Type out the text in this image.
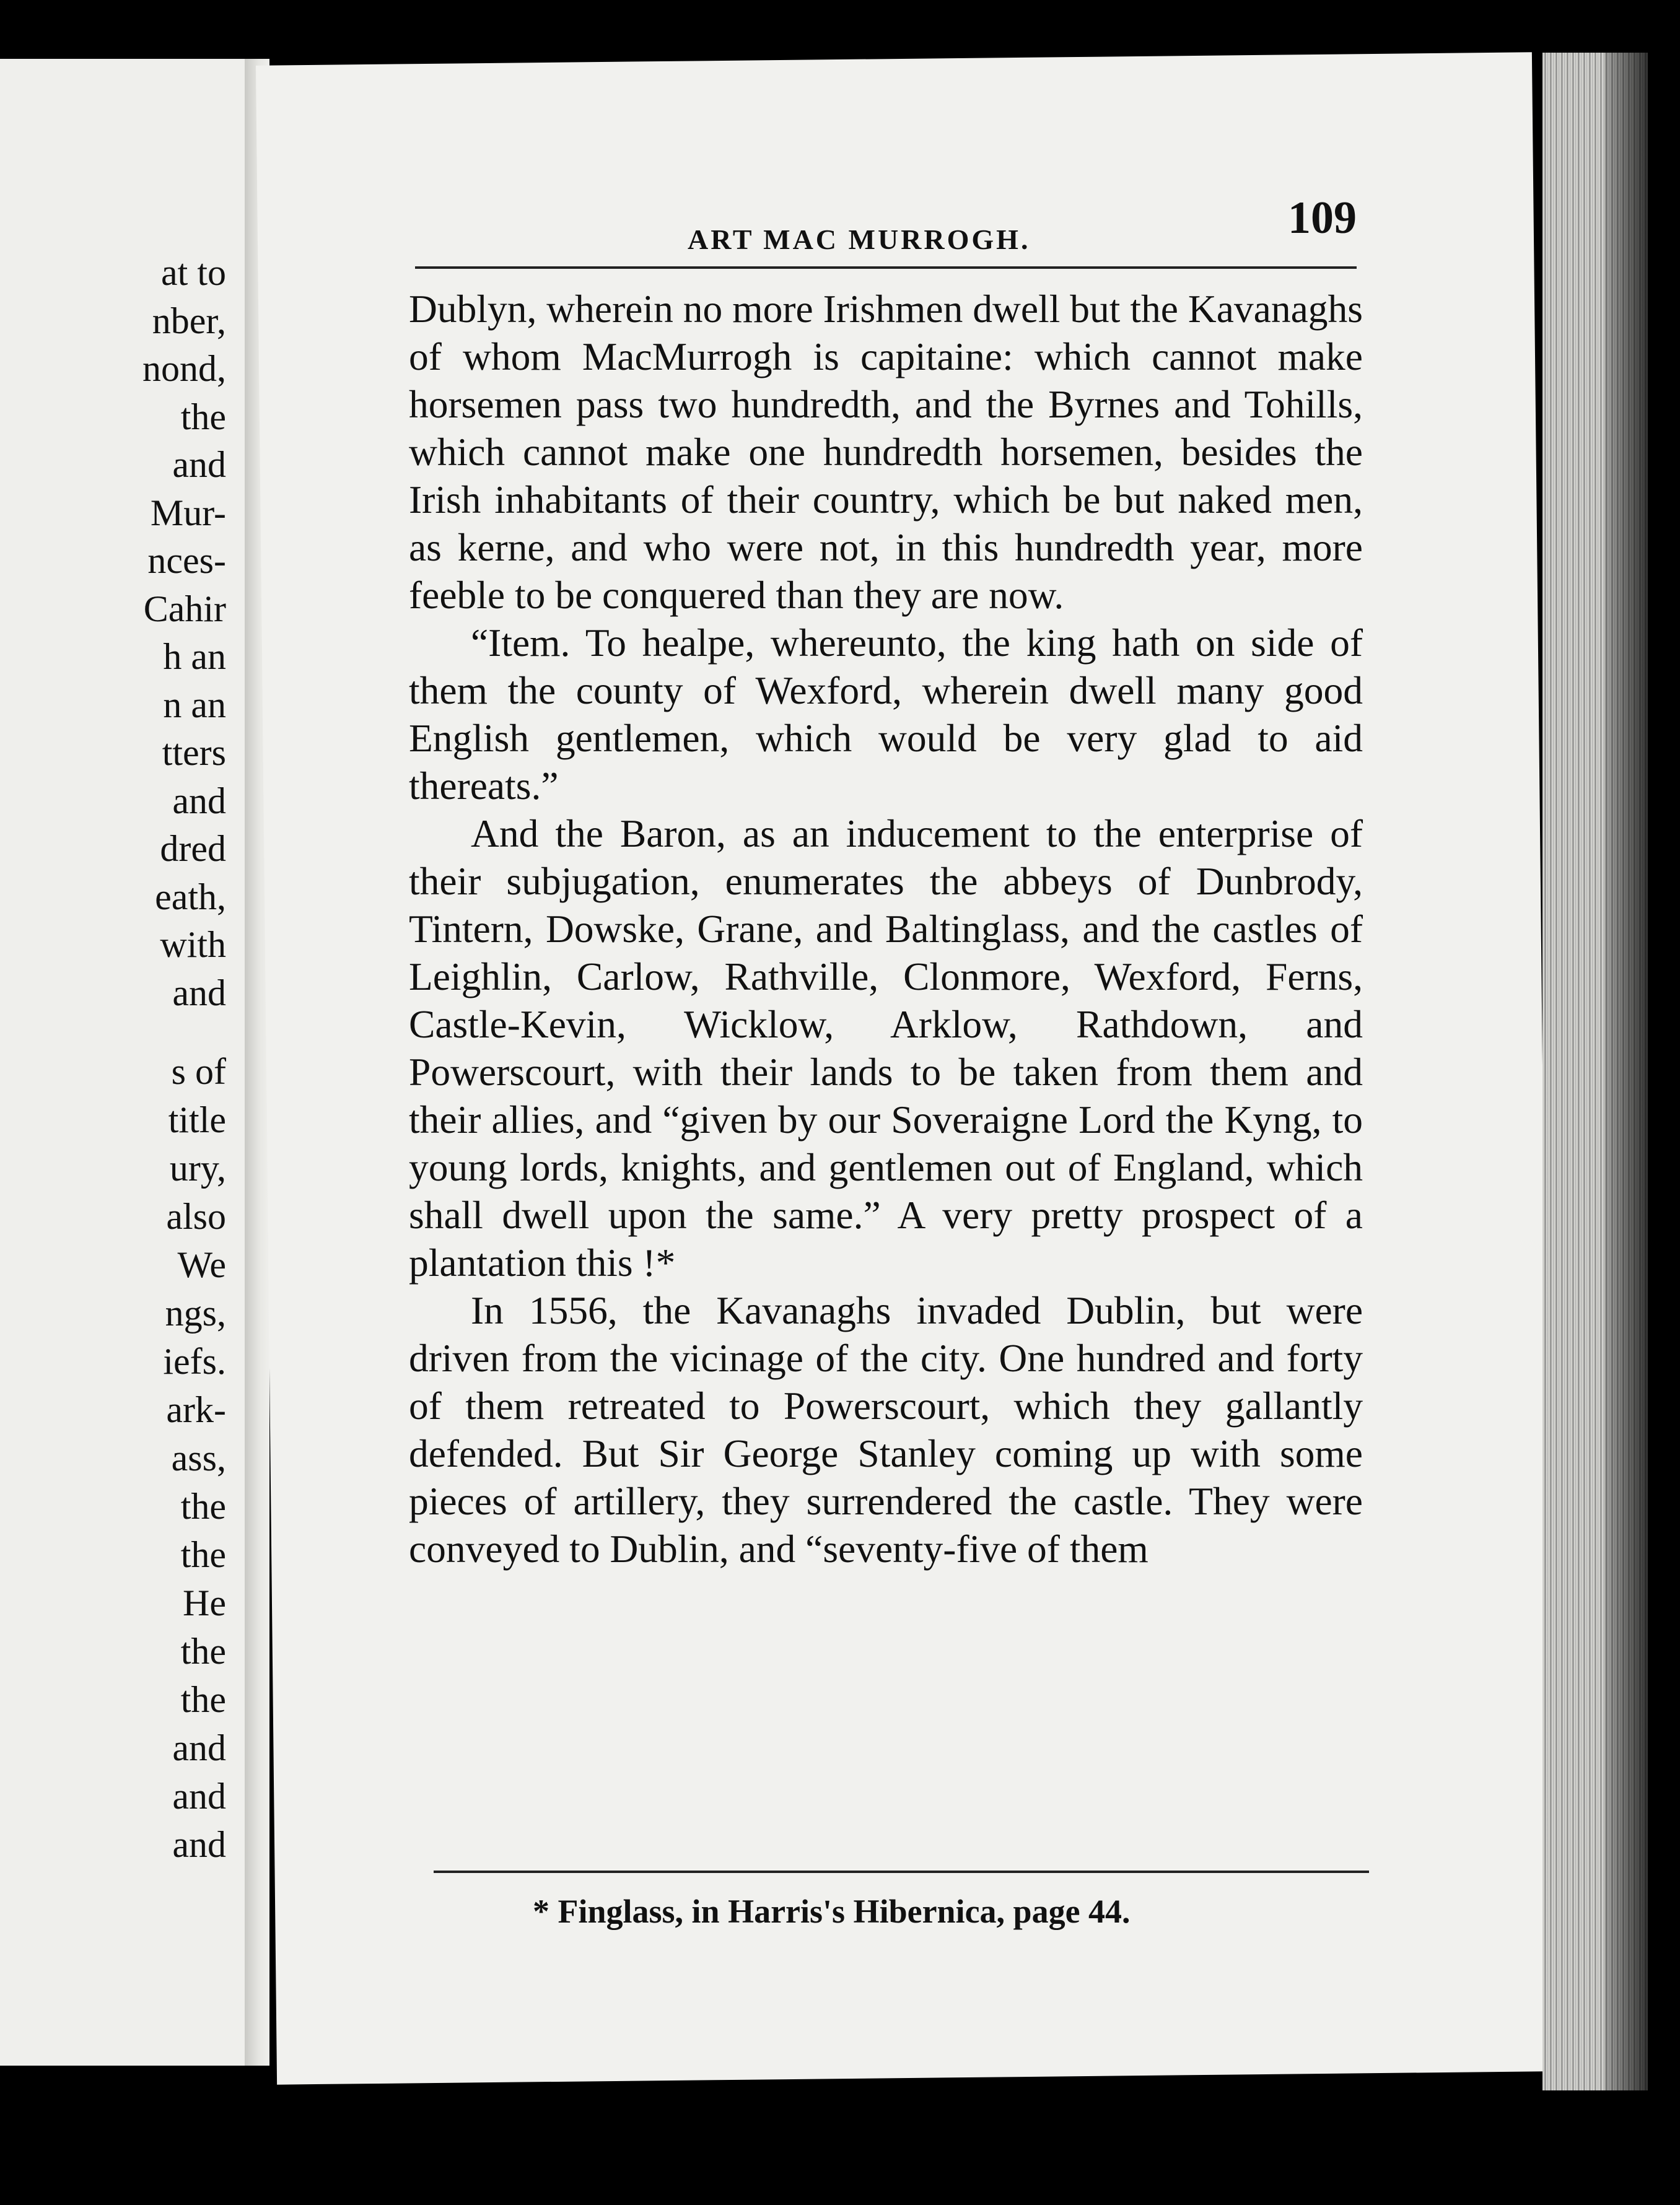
at to
nber,
nond,
the
and
Mur-
nces-
Cahir
h an
n an
tters
and
dred
eath,
with
and
s of
title
ury,
also
We
ngs,
iefs.
ark-
ass,
the
the
He
the
the
and
and
and
ART MAC MURROGH.	109

Dublyn, wherein no more Irishmen dwell but the Kavanaghs of whom MacMurrogh is capitaine: which cannot make horsemen pass two hundredth, and the Byrnes and Tohills, which cannot make one hundredth horsemen, besides the Irish inhabitants of their country, which be but naked men, as kerne, and who were not, in this hundredth year, more feeble to be conquered than they are now.

“Item. To healpe, whereunto, the king hath on side of them the county of Wexford, wherein dwell many good English gentlemen, which would be very glad to aid thereats.”

And the Baron, as an inducement to the enterprise of their subjugation, enumerates the abbeys of Dunbrody, Tintern, Dowske, Grane, and Baltinglass, and the castles of Leighlin, Carlow, Rathville, Clonmore, Wexford, Ferns, Castle-Kevin, Wicklow, Arklow, Rathdown, and Powerscourt, with their lands to be taken from them and their allies, and “given by our Soveraigne Lord the Kyng, to young lords, knights, and gentlemen out of England, which shall dwell upon the same.” A very pretty prospect of a plantation this !*

In 1556, the Kavanaghs invaded Dublin, but were driven from the vicinage of the city. One hundred and forty of them retreated to Powerscourt, which they gallantly defended. But Sir George Stanley coming up with some pieces of artillery, they surrendered the castle. They were conveyed to Dublin, and “seventy-five of them

* Finglass, in Harris's Hibernica, page 44.
